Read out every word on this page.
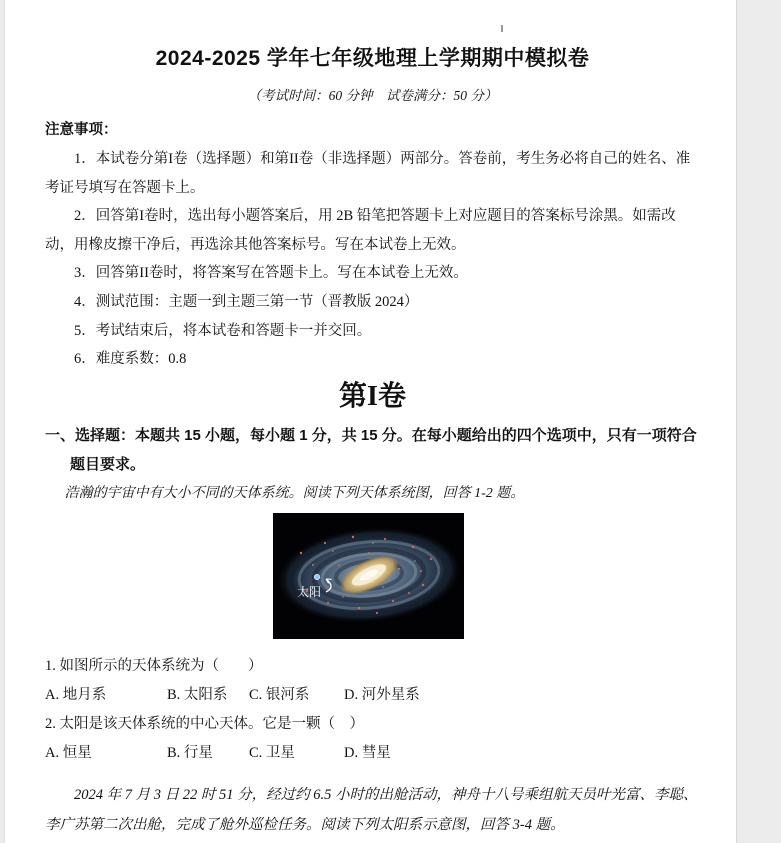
2024-2025 学年七年级地理上学期期中模拟卷
（考试时间：60 分钟　试卷满分：50 分）
注意事项：
1．本试卷分第I卷（选择题）和第II卷（非选择题）两部分。答卷前，考生务必将自己的姓名、准考证号填写在答题卡上。
2．回答第I卷时，选出每小题答案后，用 2B 铅笔把答题卡上对应题目的答案标号涂黑。如需改动，用橡皮擦干净后，再选涂其他答案标号。写在本试卷上无效。
3．回答第II卷时，将答案写在答题卡上。写在本试卷上无效。
4．测试范围：主题一到主题三第一节（晋教版 2024）
5．考试结束后，将本试卷和答题卡一并交回。
6．难度系数：0.8
第I卷
一、选择题：本题共 15 小题，每小题 1 分，共 15 分。在每小题给出的四个选项中，只有一项符合题目要求。
浩瀚的宇宙中有大小不同的天体系统。阅读下列天体系统图，回答 1-2 题。
太阳
1. 如图所示的天体系统为（　　）
A. 地月系	B. 太阳系 C. 银河系 D. 河外星系
2. 太阳是该天体系统的中心天体。它是一颗（　）
A. 恒星	B. 行星 C. 卫星	D. 彗星
2024 年 7 月 3 日 22 时 51 分，经过约 6.5 小时的出舱活动，神舟十八号乘组航天员叶光富、李聪、李广苏第二次出舱，完成了舱外巡检任务。阅读下列太阳系示意图，回答 3-4 题。
